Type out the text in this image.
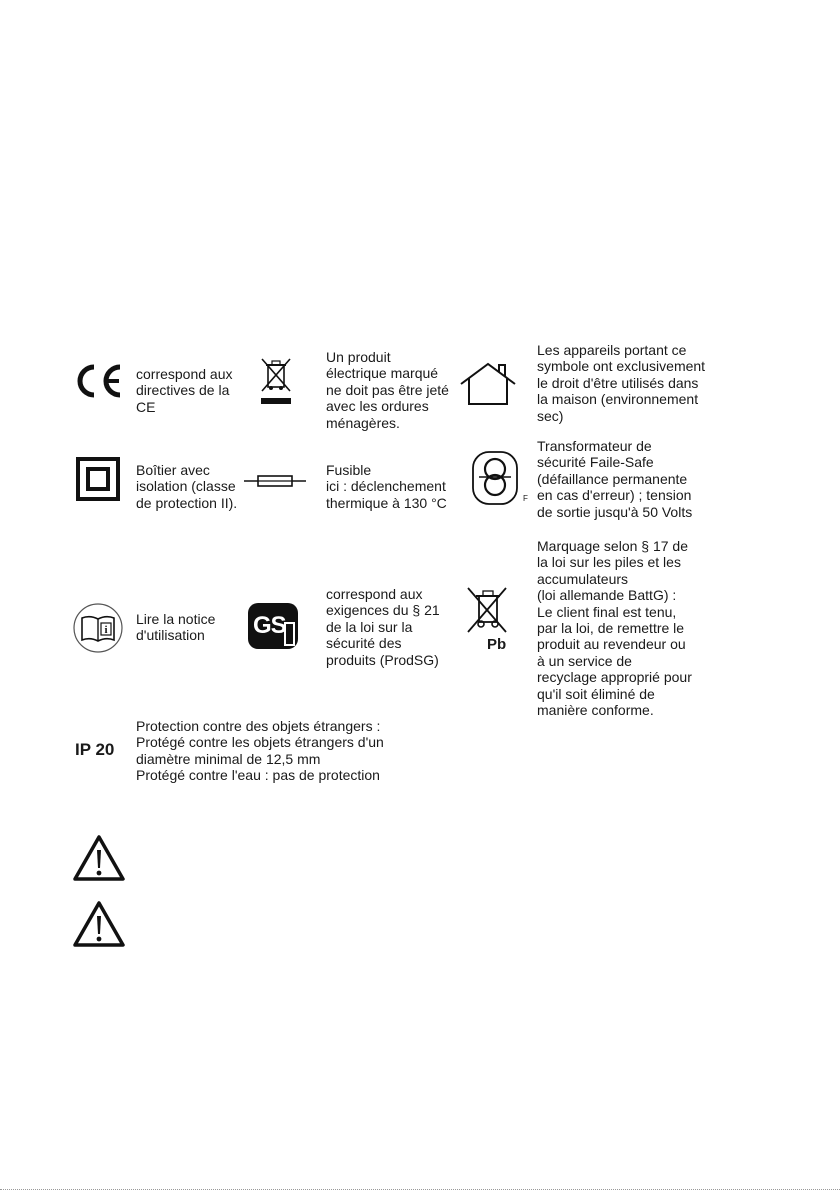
correspond aux
directives de la
CE

Un produit
électrique marqué
ne doit pas être jeté
avec les ordures
ménagères.

Les appareils portant ce
symbole ont exclusivement
le droit d'être utilisés dans
la maison (environnement
sec)

Boîtier avec
isolation (classe
de protection II).

Fusible
ici : déclenchement
thermique à 130 °C	F

Transformateur de
sécurité Faile-Safe
(défaillance permanente
en cas d'erreur) ; tension
de sortie jusqu'à 50 Volts

i

Lire la notice
d'utilisation	GS

correspond aux
exigences du § 21
de la loi sur la
sécurité des
produits (ProdSG)

Pb

Marquage selon § 17 de
la loi sur les piles et les
accumulateurs
(loi allemande BattG) :
Le client final est tenu,
par la loi, de remettre le
produit au revendeur ou
à un service de
recyclage approprié pour
qu'il soit éliminé de
manière conforme.

IP 20

Protection contre des objets étrangers :
Protégé contre les objets étrangers d'un
diamètre minimal de 12,5 mm
Protégé contre l'eau : pas de protection
